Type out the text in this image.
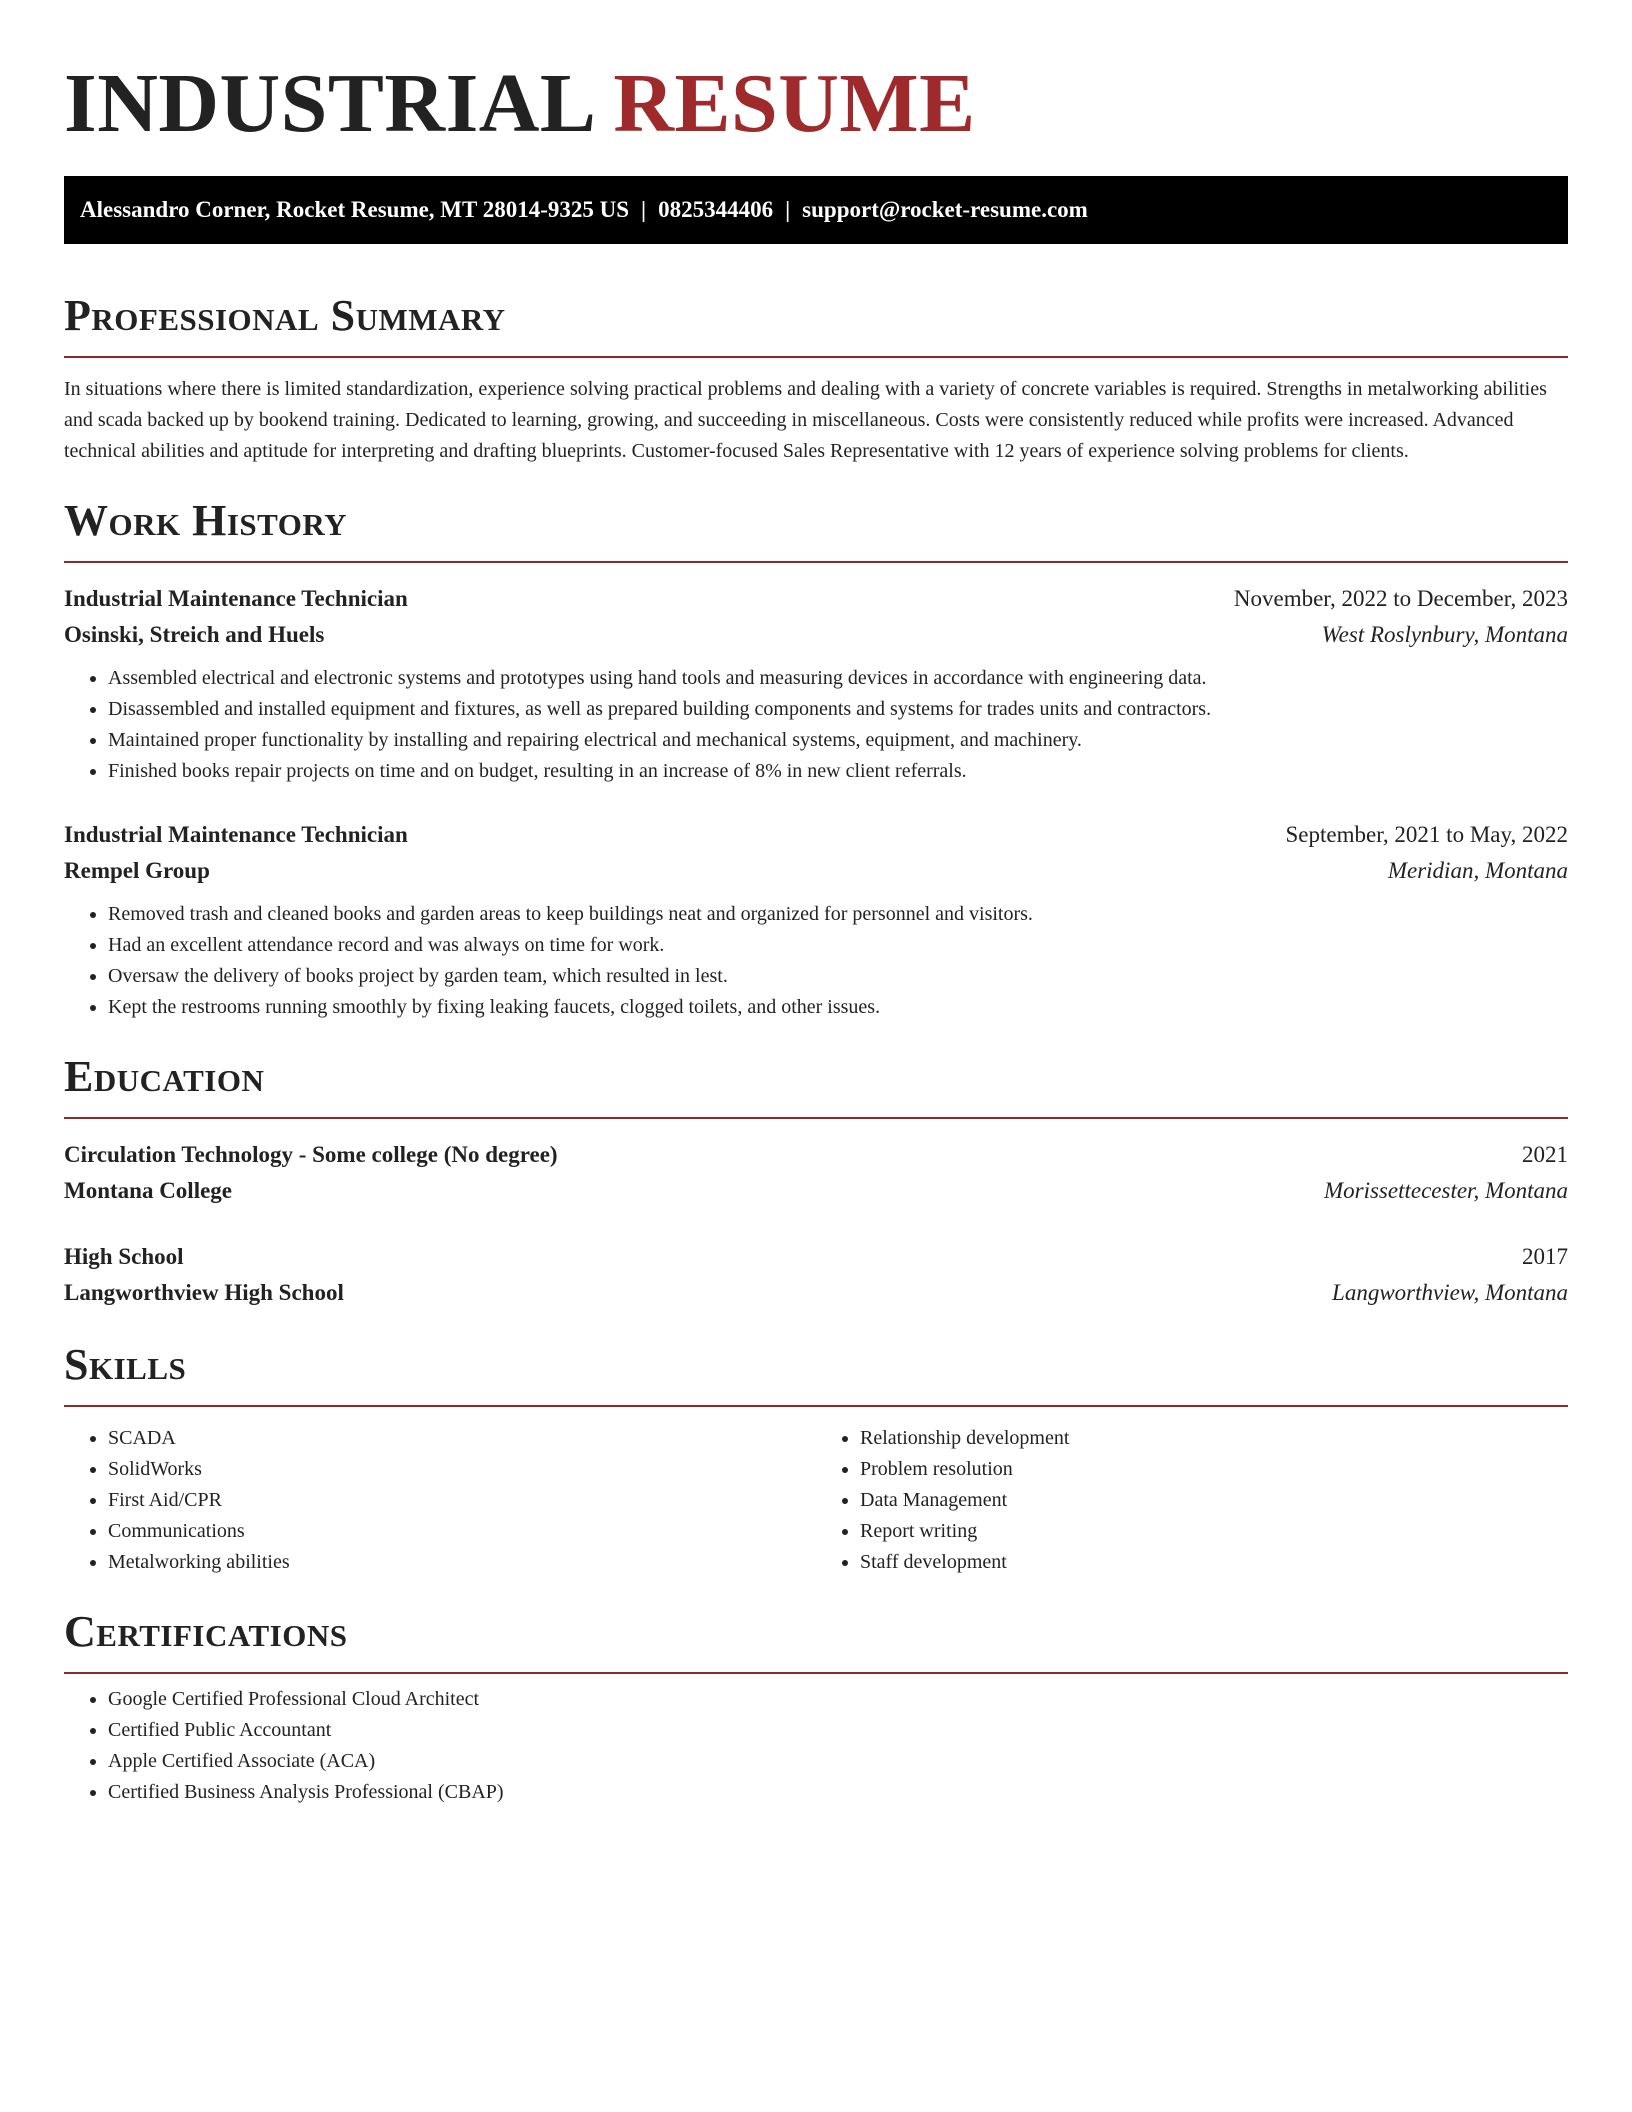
INDUSTRIAL RESUME
Alessandro Corner, Rocket Resume, MT 28014-9325 US | 0825344406 | support@rocket-resume.com
Professional Summary

In situations where there is limited standardization, experience solving practical problems and dealing with a variety of concrete variables is required. Strengths in metalworking abilities and scada backed up by bookend training. Dedicated to learning, growing, and succeeding in miscellaneous. Costs were consistently reduced while profits were increased. Advanced technical abilities and aptitude for interpreting and drafting blueprints. Customer-focused Sales Representative with 12 years of experience solving problems for clients.

Work History
Industrial Maintenance Technician	November, 2022 to December, 2023
Osinski, Streich and Huels	West Roslynbury, Montana
• Assembled electrical and electronic systems and prototypes using hand tools and measuring devices in accordance with engineering data.
• Disassembled and installed equipment and fixtures, as well as prepared building components and systems for trades units and contractors.
• Maintained proper functionality by installing and repairing electrical and mechanical systems, equipment, and machinery.
• Finished books repair projects on time and on budget, resulting in an increase of 8% in new client referrals.
Industrial Maintenance Technician	September, 2021 to May, 2022
Rempel Group	Meridian, Montana
• Removed trash and cleaned books and garden areas to keep buildings neat and organized for personnel and visitors.
• Had an excellent attendance record and was always on time for work.
• Oversaw the delivery of books project by garden team, which resulted in lest.
• Kept the restrooms running smoothly by fixing leaking faucets, clogged toilets, and other issues.
Education
Circulation Technology - Some college (No degree)	2021
Montana College	Morissettecester, Montana
High School	2017
Langworthview High School	Langworthview, Montana
Skills
• SCADA
• SolidWorks
• First Aid/CPR
• Communications
• Metalworking abilities
• Relationship development
• Problem resolution
• Data Management
• Report writing
• Staff development
Certifications
• Google Certified Professional Cloud Architect
• Certified Public Accountant
• Apple Certified Associate (ACA)
• Certified Business Analysis Professional (CBAP)
